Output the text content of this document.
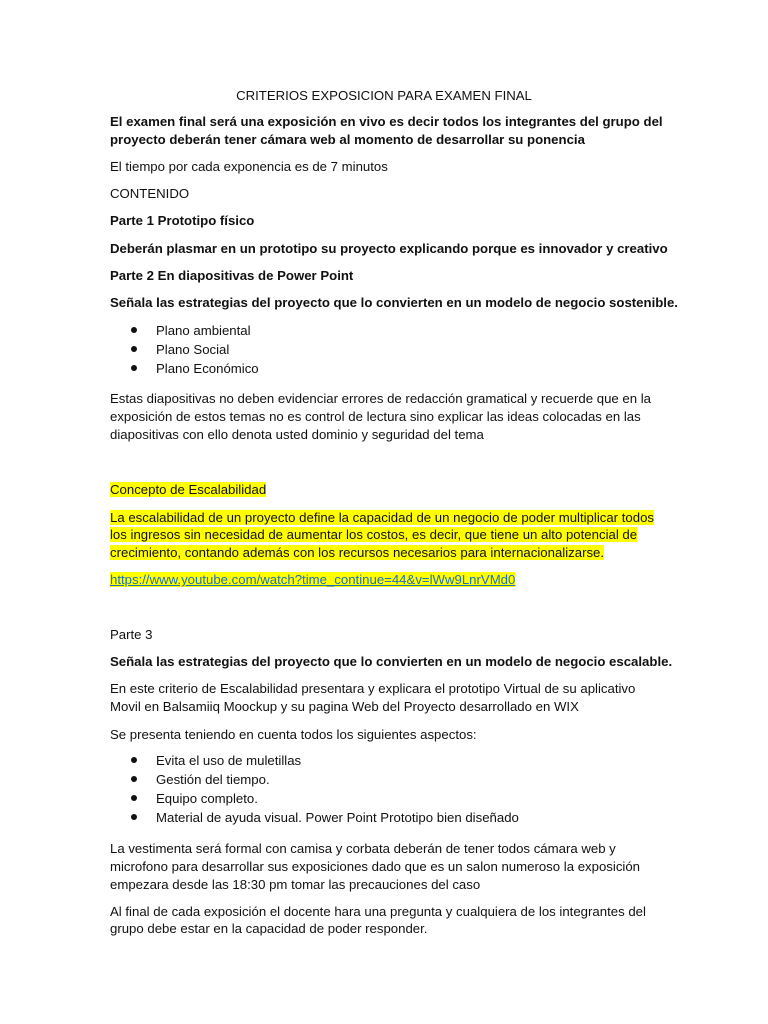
CRITERIOS EXPOSICION PARA EXAMEN FINAL
El examen final será una exposición en vivo es decir todos los integrantes del grupo del
proyecto deberán tener cámara web al momento de desarrollar su ponencia
El tiempo por cada exponencia es de 7 minutos
CONTENIDO
Parte 1 Prototipo físico
Deberán plasmar en un prototipo su proyecto explicando porque es innovador y creativo
Parte 2 En diapositivas de Power Point
Señala las estrategias del proyecto que lo convierten en un modelo de negocio sostenible.
Plano ambiental
Plano Social
Plano Económico
Estas diapositivas no deben evidenciar errores de redacción gramatical y recuerde que en la
exposición de estos temas no es control de lectura sino explicar las ideas colocadas en las
diapositivas con ello denota usted dominio y seguridad del tema
Concepto de Escalabilidad
La escalabilidad de un proyecto define la capacidad de un negocio de poder multiplicar todos
los ingresos sin necesidad de aumentar los costos, es decir, que tiene un alto potencial de
crecimiento, contando además con los recursos necesarios para internacionalizarse.
https://www.youtube.com/watch?time_continue=44&v=lWw9LnrVMd0
Parte 3
Señala las estrategias del proyecto que lo convierten en un modelo de negocio escalable.
En este criterio de Escalabilidad presentara y explicara el prototipo Virtual de su aplicativo
Movil en Balsamiiq Moockup y su pagina Web del Proyecto desarrollado en WIX
Se presenta teniendo en cuenta todos los siguientes aspectos:
Evita el uso de muletillas
Gestión del tiempo.
Equipo completo.
Material de ayuda visual. Power Point Prototipo bien diseñado
La vestimenta será formal con camisa y corbata deberán de tener todos cámara web y
microfono para desarrollar sus exposiciones dado que es un salon numeroso la exposición
empezara desde las 18:30 pm tomar las precauciones del caso
Al final de cada exposición el docente hara una pregunta y cualquiera de los integrantes del
grupo debe estar en la capacidad de poder responder.
